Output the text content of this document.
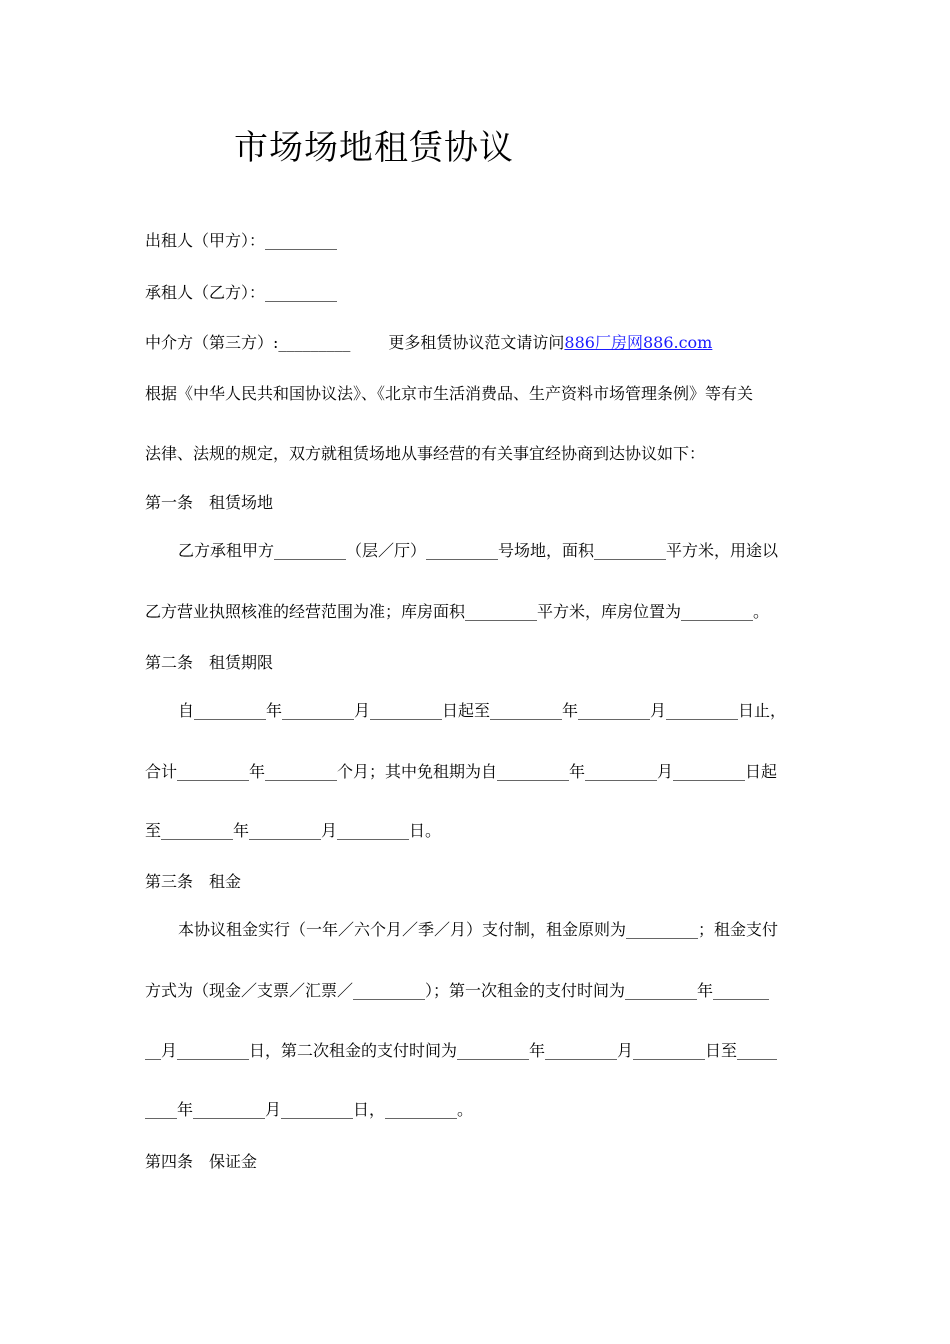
市场场地租赁协议
出租人（甲方）：_________
承租人（乙方）：_________
中介方（第三方）:_________ 更多租赁协议范文请访问886厂房网886.com
根据《中华人民共和国协议法》、《北京市生活消费品、生产资料市场管理条例》等有关
法律、法规的规定，双方就租赁场地从事经营的有关事宜经协商到达协议如下：
第一条　租赁场地
乙方承租甲方_________（层／厅）_________号场地，面积_________平方米，用途以
乙方营业执照核准的经营范围为准；库房面积_________平方米，库房位置为_________。
第二条　租赁期限
自_________年_________月_________日起至_________年_________月_________日止，
合计_________年_________个月；其中免租期为自_________年_________月_________日起
至_________年_________月_________日。
第三条　租金
本协议租金实行（一年／六个月／季／月）支付制，租金原则为_________；租金支付
方式为（现金／支票／汇票／_________）；第一次租金的支付时间为_________年_______
__月_________日，第二次租金的支付时间为_________年_________月_________日至_____
____年_________月_________日，_________。
第四条　保证金
